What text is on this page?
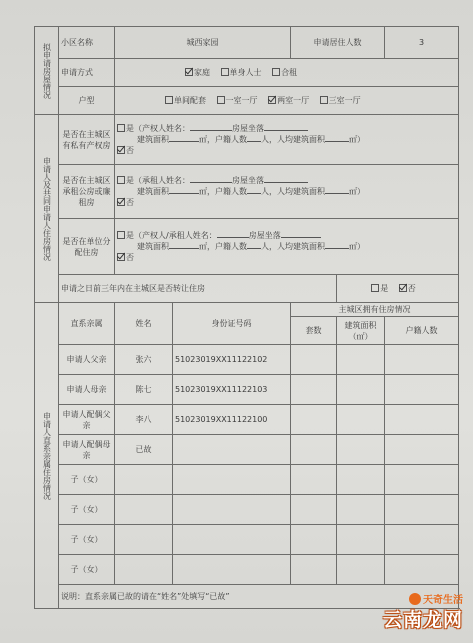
拟申请房屋情况	小区名称	城西家园		申请居住人数		3
	申请方式	家庭 单身人士 合租				
	户型	单间配套 一室一厅 两室一厅 三室一厅				
申请人及共同申请人住房情况	是否在主城区有私有产权房	是（产权人姓名： 房屋坐落
建筑面积 ㎡，户籍人数 人，人均建筑面积 ㎡）
否				

	是否在主城区承租公房或廉租房	是（承租人姓名： 房屋坐落
建筑面积 ㎡，户籍人数 人，人均建筑面积 ㎡）
否				

	是否在单位分配住房	是（产权人/承租人姓名： 房屋坐落
建筑面积 ㎡，户籍人数 人，人均建筑面积 ㎡）
否				

	申请之日前三年内在主城区是否转让住房				是 否	
申请人直系亲属住房情况	直系亲属	姓名	身份证号码	主城区拥有住房情况		
				套数	建筑面积（㎡）	户籍人数
	申请人父亲	张六	51023019XX11122102			
	申请人母亲	陈七	51023019XX11122103			
	申请人配偶父亲	李八	51023019XX11122100			
	申请人配偶母亲	已故				
	子（女）					
	子（女）					
	子（女）					
	子（女）					
	说明：直系亲属已故的请在“姓名”处填写“已故”						天奇生活
云南龙网
